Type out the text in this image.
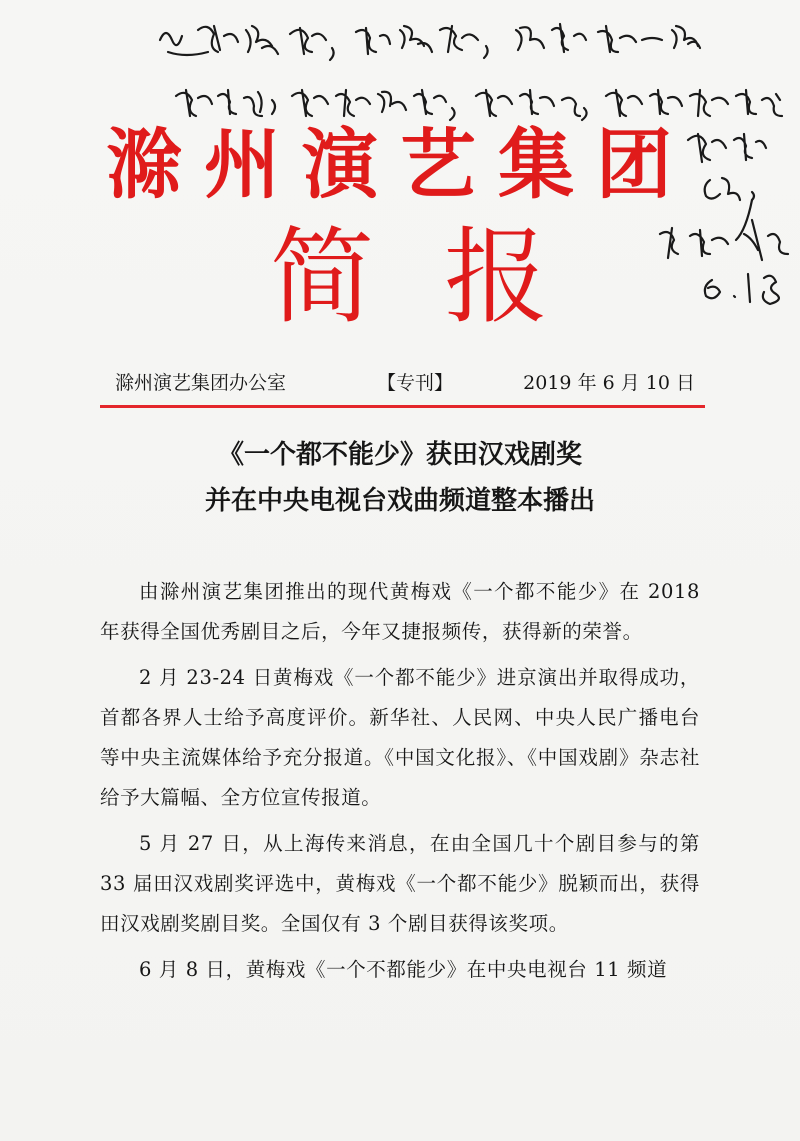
滁州演艺集团
简报
滁州演艺集团办公室	【专刊】	2019 年 6 月 10 日
《一个都不能少》获田汉戏剧奖
并在中央电视台戏曲频道整本播出

由滁州演艺集团推出的现代黄梅戏《一个都不能少》在 2018 年获得全国优秀剧目之后，今年又捷报频传，获得新的荣誉。

2 月 23-24 日黄梅戏《一个都不能少》进京演出并取得成功，首都各界人士给予高度评价。新华社、人民网、中央人民广播电台等中央主流媒体给予充分报道。《中国文化报》、《中国戏剧》杂志社给予大篇幅、全方位宣传报道。

5 月 27 日，从上海传来消息，在由全国几十个剧目参与的第 33 届田汉戏剧奖评选中，黄梅戏《一个都不能少》脱颖而出，获得田汉戏剧奖剧目奖。全国仅有 3 个剧目获得该奖项。

6 月 8 日，黄梅戏《一个不都能少》在中央电视台 11 频道
